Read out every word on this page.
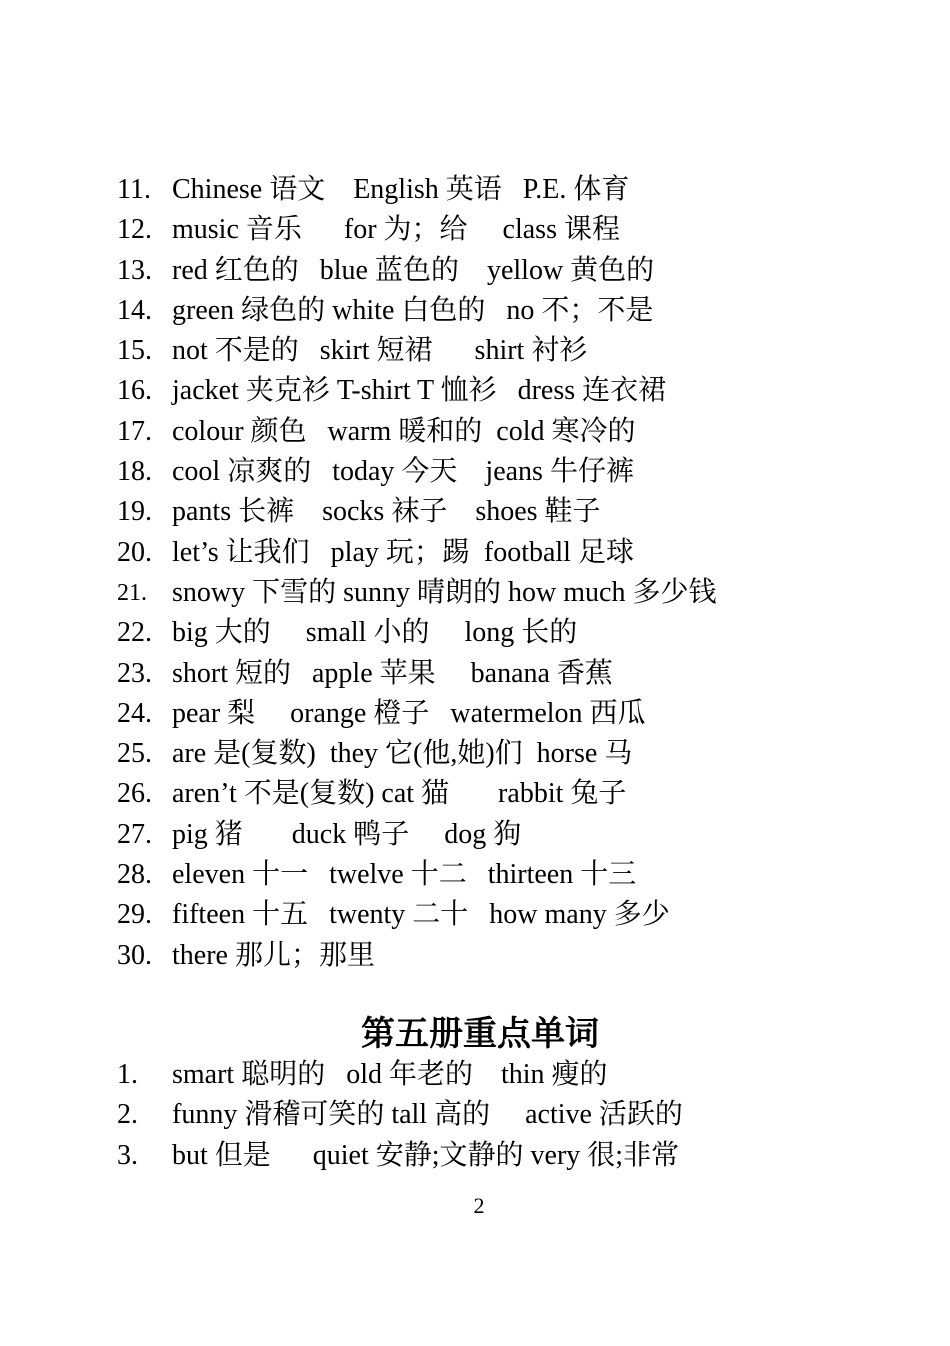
11. Chinese 语文    English 英语   P.E. 体育
12. music 音乐      for 为；给     class 课程
13. red 红色的   blue 蓝色的    yellow 黄色的
14. green 绿色的 white 白色的   no 不；不是
15. not 不是的   skirt 短裙      shirt 衬衫
16. jacket 夹克衫 T-shirt T 恤衫   dress 连衣裙
17. colour 颜色   warm 暖和的  cold 寒冷的
18. cool 凉爽的   today 今天    jeans 牛仔裤
19. pants 长裤    socks 袜子    shoes 鞋子
20. let’s 让我们   play 玩；踢  football 足球
21. snowy 下雪的 sunny 晴朗的 how much 多少钱
22. big 大的     small 小的     long 长的
23. short 短的   apple 苹果     banana 香蕉
24. pear 梨     orange 橙子   watermelon 西瓜
25. are 是(复数)  they 它(他,她)们  horse 马
26. aren’t 不是(复数) cat 猫       rabbit 兔子
27. pig 猪       duck 鸭子     dog 狗
28. eleven 十一   twelve 十二   thirteen 十三
29. fifteen 十五   twenty 二十   how many 多少
30. there 那儿；那里
第五册重点单词
1. smart 聪明的   old 年老的    thin 瘦的
2. funny 滑稽可笑的 tall 高的     active 活跃的
3. but 但是      quiet 安静;文静的 very 很;非常
2
